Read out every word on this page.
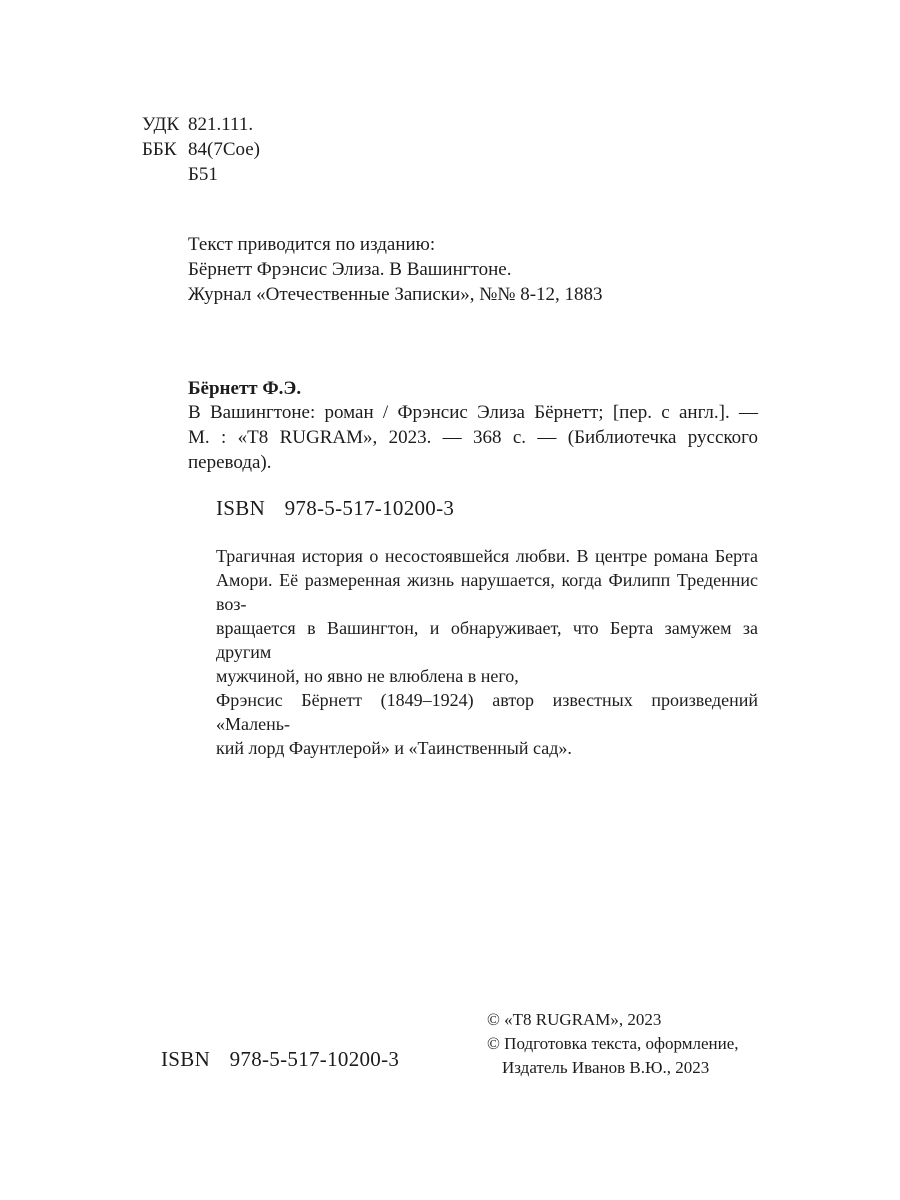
УДК 821.111.
ББК 84(7Сое)
Б51
Текст приводится по изданию:
Бёрнетт Фрэнсис Элиза. В Вашингтоне.
Журнал «Отечественные Записки», №№ 8-12, 1883
Бёрнетт Ф.Э.

В Вашингтоне: роман / Фрэнсис Элиза Бёрнетт; [пер. с англ.]. —

М. : «Т8 RUGRAM», 2023. — 368 с. — (Библиотечка русского

перевода).

ISBN 978-5-517-10200-3
Трагичная история о несостоявшейся любви. В центре романа Берта
Амори. Её размеренная жизнь нарушается, когда Филипп Треденнис воз-
вращается в Вашингтон, и обнаруживает, что Берта замужем за другим
мужчиной, но явно не влюблена в него,
Фрэнсис Бёрнетт (1849–1924) автор известных произведений «Малень-
кий лорд Фаунтлерой» и «Таинственный сад».
© «Т8 RUGRAM», 2023
© Подготовка текста, оформление,
Издатель Иванов В.Ю., 2023
ISBN 978-5-517-10200-3
